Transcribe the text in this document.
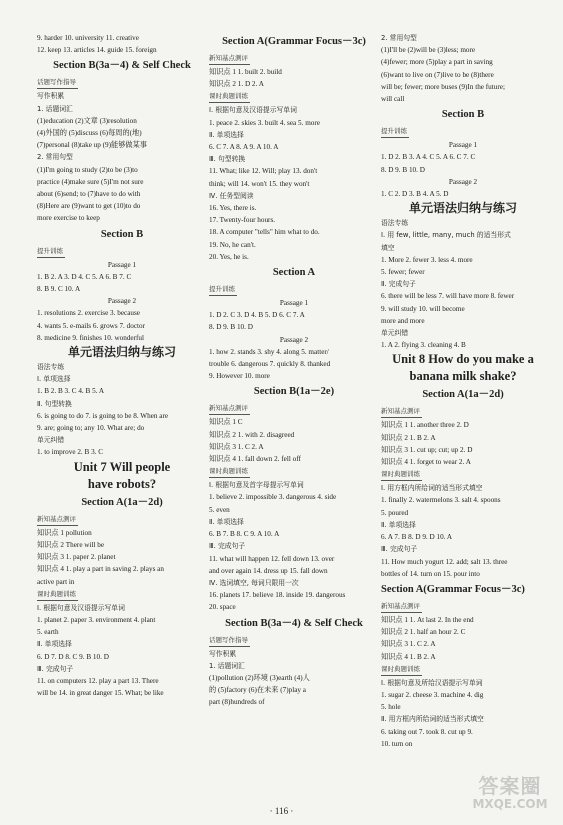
9. harder 10. university 11. creative
12. keep 13. articles 14. guide 15. foreign
Section B(3a－4) & Self Check
话题写作指导
写作积累
1. 话题词汇
(1)education (2)文章 (3)resolution
(4)外国的 (5)discuss (6)每周的(地)
(7)personal (8)take up (9)能够做某事
2. 常用句型
(1)I'm going to study (2)to be (3)to
practice (4)make sure (5)I'm not sure
about (6)send; to (7)have to do with
(8)Here are (9)want to get (10)to do
more exercise to keep
Section B
提升训练
Passage 1
1. B 2. A 3. D 4. C 5. A 6. B 7. C
8. B 9. C 10. A
Passage 2
1. resolutions 2. exercise 3. because
4. wants 5. e-mails 6. grows 7. doctor
8. medicine 9. finishes 10. wonderful
单元语法归纳与练习
语法专练
Ⅰ. 单项选择
1. B 2. B 3. C 4. B 5. A
Ⅱ. 句型转换
6. is going to do 7. is going to be 8. When are
9. are; going to; any 10. What are; do
单元纠错
1. to improve 2. B 3. C
Unit 7 Will people
have robots?
Section A(1a－2d)
新知基点测评
知识点 1 pollution
知识点 2 There will be
知识点 3 1. paper 2. planet
知识点 4 1. play a part in saving 2. plays an
active part in
课时典题训练
Ⅰ. 根据句意及汉语提示写单词
1. planet 2. paper 3. environment 4. plant
5. earth
Ⅱ. 单项选择
6. D 7. D 8. C 9. B 10. D
Ⅲ. 完成句子
11. on computers 12. play a part 13. There
will be 14. in great danger 15. What; be like
Section A(Grammar Focus－3c)
新知基点测评
知识点 1 1. built 2. build
知识点 2 1. D 2. A
课时典题训练
Ⅰ. 根据句意及汉语提示写单词
1. peace 2. skies 3. built 4. sea 5. more
Ⅱ. 单项选择
6. C 7. A 8. A 9. A 10. A
Ⅲ. 句型转换
11. What; like 12. Will; play 13. don't
think; will 14. won't 15. they won't
Ⅳ. 任务型阅读
16. Yes, there is.
17. Twenty-four hours.
18. A computer "tells" him what to do.
19. No, he can't.
20. Yes, he is.
Section A
提升训练
Passage 1
1. D 2. C 3. D 4. B 5. D 6. C 7. A
8. D 9. B 10. D
Passage 2
1. how 2. stands 3. shy 4. along 5. matter/
trouble 6. dangerous 7. quickly 8. thanked
9. However 10. more
Section B(1a－2e)
新知基点测评
知识点 1 C
知识点 2 1. with 2. disagreed
知识点 3 1. C 2. A
知识点 4 1. fall down 2. fell off
课时典题训练
Ⅰ. 根据句意及首字母提示写单词
1. believe 2. impossible 3. dangerous 4. side
5. even
Ⅱ. 单项选择
6. B 7. B 8. C 9. A 10. A
Ⅲ. 完成句子
11. what will happen 12. fell down 13. over
and over again 14. dress up 15. fall down
Ⅳ. 选词填空, 每词只限用一次
16. planets 17. believe 18. inside 19. dangerous
20. space
Section B(3a－4) & Self Check
话题写作指导
写作积累
1. 话题词汇
(1)pollution (2)环境 (3)earth (4)人
的 (5)factory (6)在未来 (7)play a
part (8)hundreds of
2. 常用句型
(1)I'll be (2)will be (3)less; more
(4)fewer; more (5)play a part in saving
(6)want to live on (7)live to be (8)there
will be; fewer; more buses (9)In the future;
will call
Section B
提升训练
Passage 1
1. D 2. B 3. A 4. C 5. A 6. C 7. C
8. D 9. B 10. D
Passage 2
1. C 2. D 3. B 4. A 5. D
单元语法归纳与练习
语法专练
Ⅰ. 用 few, little, many, much 的适当形式
填空
1. More 2. fewer 3. less 4. more
5. fewer; fewer
Ⅱ. 完成句子
6. there will be less 7. will have more 8. fewer
9. will study 10. will become
more and more
单元纠错
1. A 2. flying 3. cleaning 4. B
Unit 8 How do you make a
banana milk shake?
Section A(1a－2d)
新知基点测评
知识点 1 1. another three 2. D
知识点 2 1. B 2. A
知识点 3 1. cut up; cut; up 2. D
知识点 4 1. forget to wear 2. A
课时典题训练
Ⅰ. 用方框内所给词的适当形式填空
1. finally 2. watermelons 3. salt 4. spoons
5. poured
Ⅱ. 单项选择
6. A 7. B 8. D 9. D 10. A
Ⅲ. 完成句子
11. How much yogurt 12. add; salt 13. three
bottles of 14. turn on 15. pour into
Section A(Grammar Focus－3c)
新知基点测评
知识点 1 1. At last 2. In the end
知识点 2 1. half an hour 2. C
知识点 3 1. C 2. A
知识点 4 1. B 2. A
课时典题训练
Ⅰ. 根据句意及所给汉语提示写单词
1. sugar 2. cheese 3. machine 4. dig
5. hole
Ⅱ. 用方框内所给词的适当形式填空
6. taking out 7. took 8. cut up 9.
10. turn on
· 116 ·
答案圈
MXQE.COM
